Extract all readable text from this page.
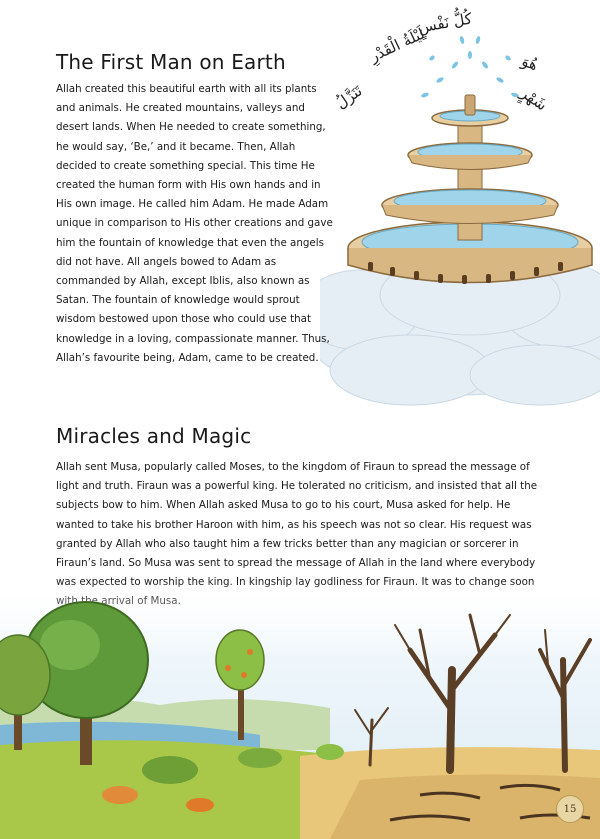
كُلُّ نَفْسٍ
لَيْلَةُ الْقَدْرِ
تَنَزَّلُ	شَهْرٍ
هُوَ
The First Man on Earth

Allah created this beautiful earth with all its plants and animals. He created mountains, valleys and desert lands. When He needed to create something, he would say, ‘Be,’ and it became. Then, Allah decided to create something special. This time He created the human form with His own hands and in His own image. He called him Adam. He made Adam unique in comparison to His other creations and gave him the fountain of knowledge that even the angels did not have. All angels bowed to Adam as commanded by Allah, except Iblis, also known as Satan. The fountain of knowledge would sprout wisdom bestowed upon those who could use that knowledge in a loving, compassionate manner. Thus, Allah’s favourite being, Adam, came to be created.

Miracles and Magic

Allah sent Musa, popularly called Moses, to the kingdom of Firaun to spread the message of light and truth. Firaun was a powerful king. He tolerated no criticism, and insisted that all the subjects bow to him. When Allah asked Musa to go to his court, Musa asked for help. He wanted to take his brother Haroon with him, as his speech was not so clear. His request was granted by Allah who also taught him a few tricks better than any magician or sorcerer in Firaun’s land. So Musa was sent to spread the message of Allah in the land where everybody

15
